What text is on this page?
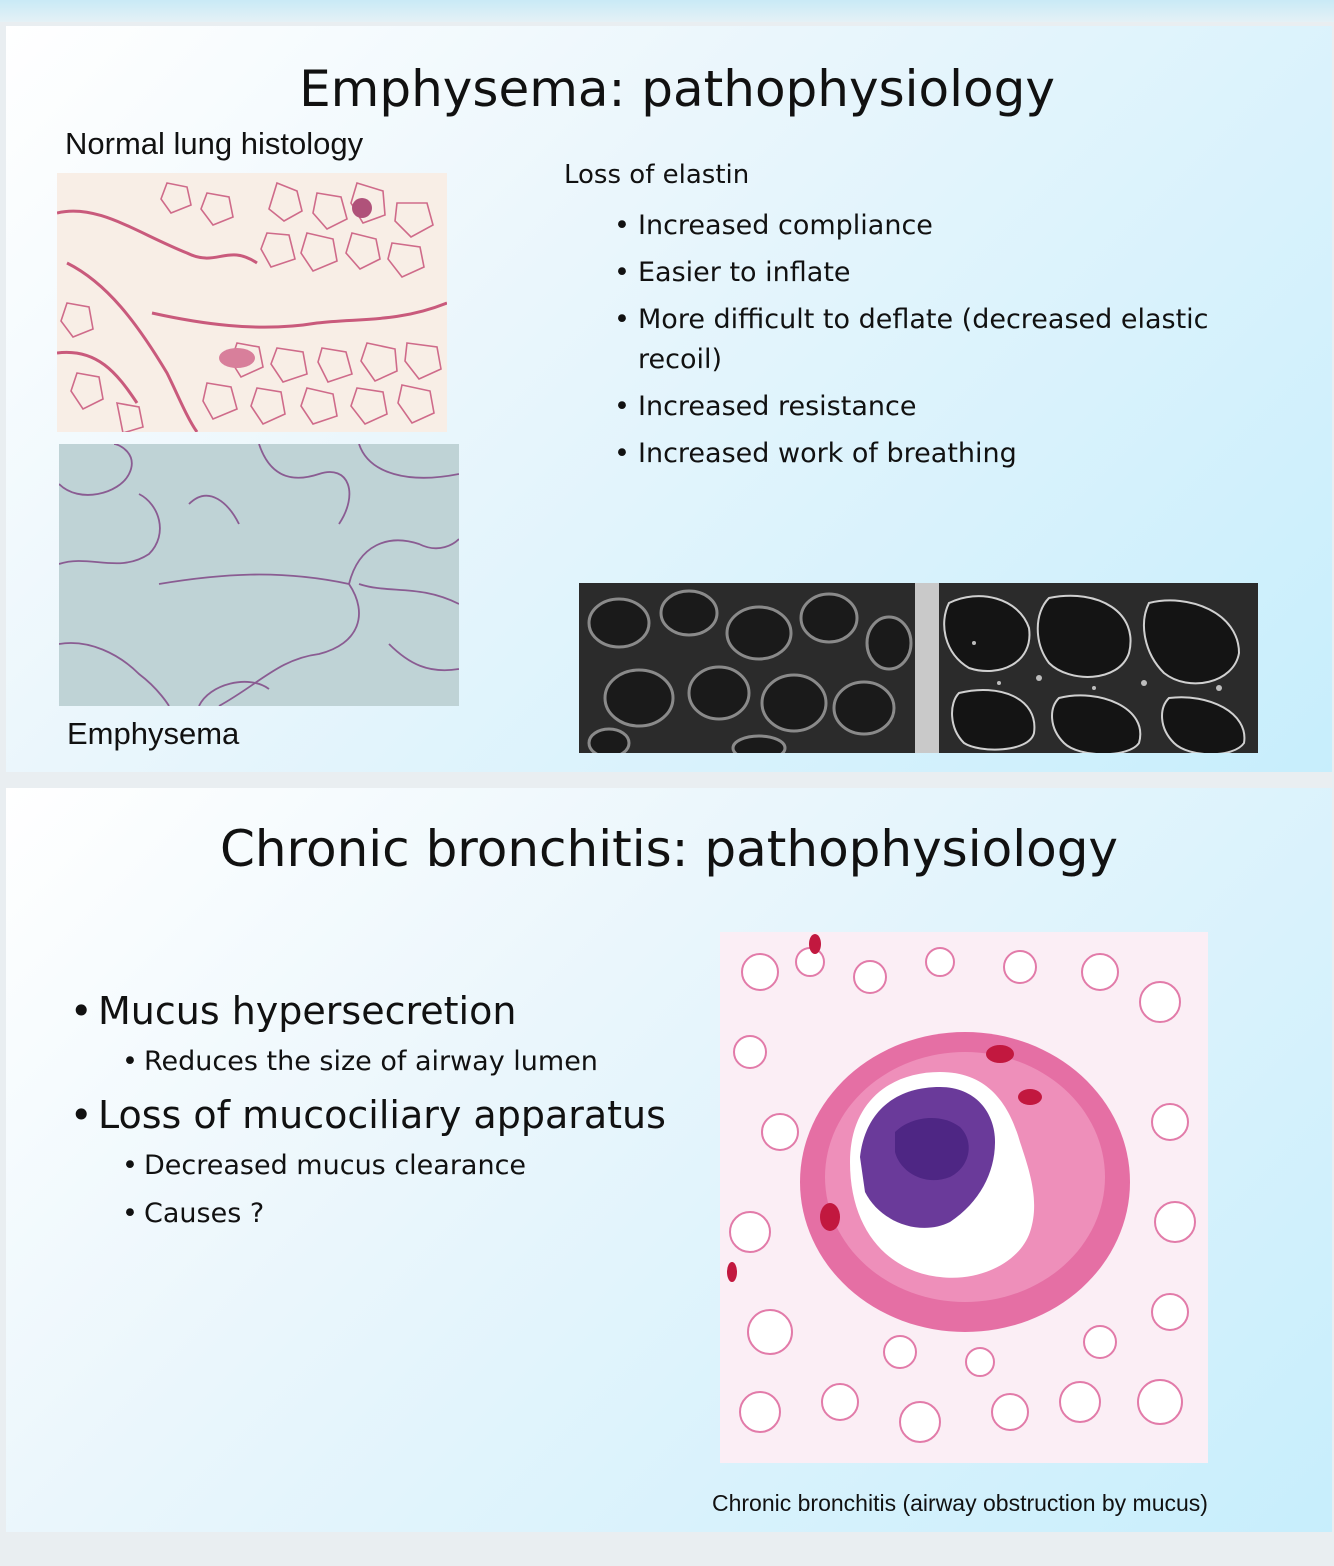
Emphysema: pathophysiology
Normal lung histology
Emphysema
Loss of elastin
• Increased compliance
• Easier to inflate
• More difficult to deflate (decreased elastic recoil)
• Increased resistance
• Increased work of breathing
Chronic bronchitis: pathophysiology
• Mucus hypersecretion
• Reduces the size of airway lumen
• Loss of mucociliary apparatus
• Decreased mucus clearance
• Causes ?
Chronic bronchitis (airway obstruction by mucus)
